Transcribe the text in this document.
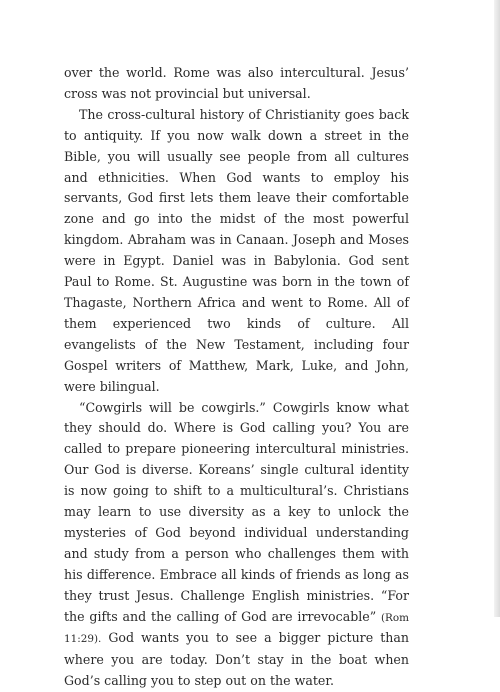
over the world. Rome was also intercultural. Jesus’ cross was not provincial but universal.

The cross-cultural history of Christianity goes back to antiquity. If you now walk down a street in the Bible, you will usually see people from all cultures and ethnicities. When God wants to employ his servants, God first lets them leave their comfortable zone and go into the midst of the most powerful kingdom. Abraham was in Canaan. Joseph and Moses were in Egypt. Daniel was in Babylonia. God sent Paul to Rome. St. Augustine was born in the town of Thagaste, Northern Africa and went to Rome. All of them experienced two kinds of culture. All evangelists of the New Testament, including four Gospel writers of Matthew, Mark, Luke, and John, were bilingual.

“Cowgirls will be cowgirls.” Cowgirls know what they should do. Where is God calling you? You are called to prepare pioneering intercultural ministries. Our God is diverse. Koreans’ single cultural identity is now going to shift to a multicultural’s. Christians may learn to use diversity as a key to unlock the mysteries of God beyond individual understanding and study from a person who challenges them with his difference. Embrace all kinds of friends as long as they trust Jesus. Challenge English ministries. “For the gifts and the calling of God are irrevocable” (Rom 11:29). God wants you to see a bigger picture than where you are today. Don’t stay in the boat when God’s calling you to step out on the water.
